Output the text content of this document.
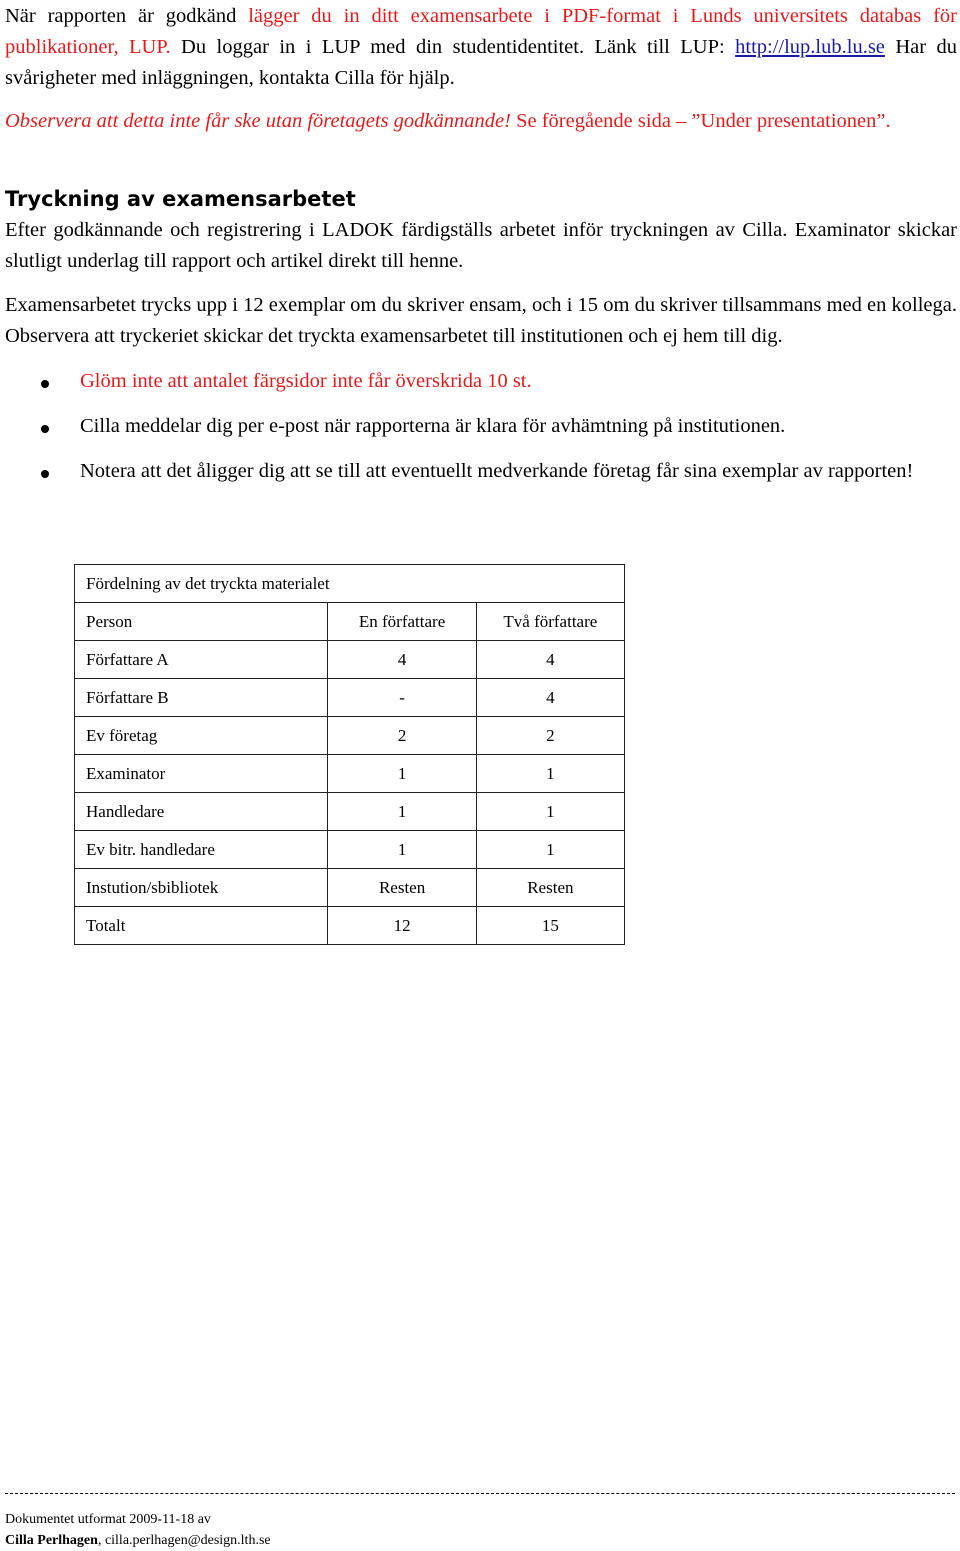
När rapporten är godkänd lägger du in ditt examensarbete i PDF-format i Lunds universitets databas för publikationer, LUP. Du loggar in i LUP med din studentidentitet. Länk till LUP: http://lup.lub.lu.se Har du svårigheter med inläggningen, kontakta Cilla för hjälp.

Observera att detta inte får ske utan företagets godkännande! Se föregående sida – ”Under presentationen”.

Tryckning av examensarbetet

Efter godkännande och registrering i LADOK färdigställs arbetet inför tryckningen av Cilla. Examinator skickar slutligt underlag till rapport och artikel direkt till henne.

Examensarbetet trycks upp i 12 exemplar om du skriver ensam, och i 15 om du skriver tillsammans med en kollega. Observera att tryckeriet skickar det tryckta examensarbetet till institutionen och ej hem till dig.

Glöm inte att antalet färgsidor inte får överskrida 10 st.
Cilla meddelar dig per e-post när rapporterna är klara för avhämtning på institutionen.
Notera att det åligger dig att se till att eventuellt medverkande företag får sina exemplar av rapporten!
Fördelning av det tryckta materialet		
Person	En författare	Två författare
Författare A	4	4
Författare B	-	4
Ev företag	2	2
Examinator	1	1
Handledare	1	1
Ev bitr. handledare	1	1
Instution/sbibliotek	Resten	Resten
Totalt	12	15
Dokumentet utformat 2009-11-18 av
Cilla Perlhagen, cilla.perlhagen@design.lth.se
